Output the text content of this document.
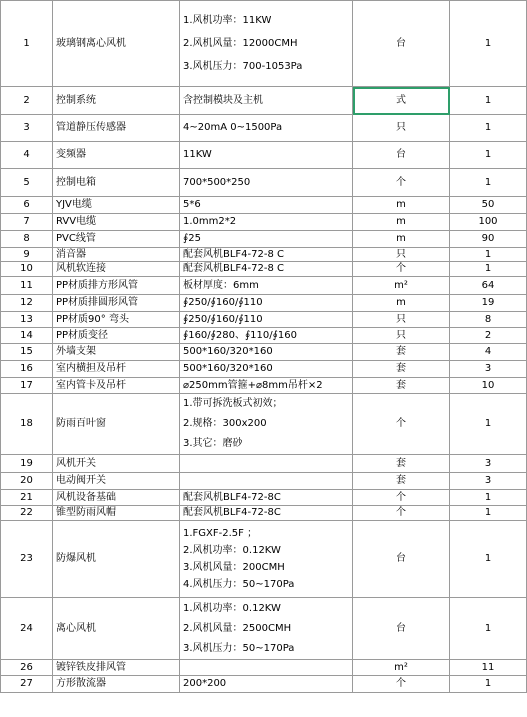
1	玻璃钢离心风机	1.风机功率：11KW
2.风机风量：12000CMH
3.风机压力：700-1053Pa	台	1
2	控制系统	含控制模块及主机	式	1
3	管道静压传感器	4~20mA 0~1500Pa	只	1
4	变频器	11KW	台	1
5	控制电箱	700*500*250	个	1
6	YJV电缆	5*6	m	50
7	RVV电缆	1.0mm2*2	m	100
8	PVC线管	∮25	m	90
9	消音器	配套风机BLF4-72-8 C	只	1
10	风机软连接	配套风机BLF4-72-8 C	个	1
11	PP材质排方形风管	板材厚度：6mm	m²	64
12	PP材质排圆形风管	∮250/∮160/∮110	m	19
13	PP材质90° 弯头	∮250/∮160/∮110	只	8
14	PP材质变径	∮160/∮280、∮110/∮160	只	2
15	外墙支架	500*160/320*160	套	4
16	室内横担及吊杆	500*160/320*160	套	3
17	室内管卡及吊杆	⌀250mm管箍+⌀8mm吊杆×2	套	10
18	防雨百叶窗	1.带可拆洗板式初效；
2.规格：300x200
3.其它：磨砂	个	1
19	风机开关		套	3
20	电动阀开关		套	3
21	风机设备基础	配套风机BLF4-72-8C	个	1
22	锥型防雨风帽	配套风机BLF4-72-8C	个	1
23	防爆风机	1.FGXF-2.5F ；
2.风机功率：0.12KW
3.风机风量：200CMH
4.风机压力：50~170Pa	台	1
24	离心风机	1.风机功率：0.12KW
2.风机风量：2500CMH
3.风机压力：50~170Pa	台	1
26	镀锌铁皮排风管		m²	11
27	方形散流器	200*200	个	1
